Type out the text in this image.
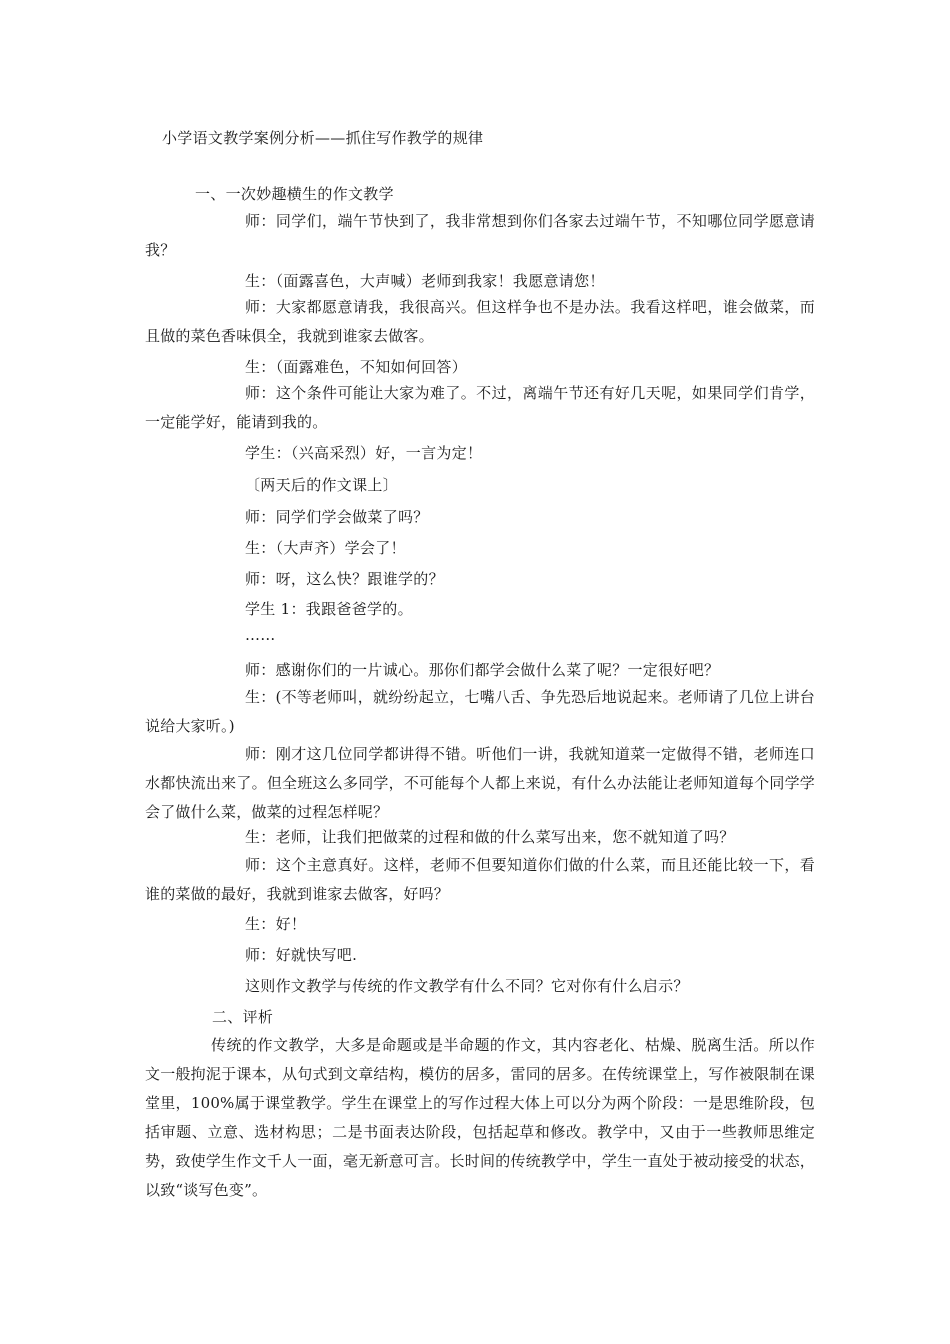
小学语文教学案例分析——抓住写作教学的规律
一、一次妙趣横生的作文教学
师：同学们，端午节快到了，我非常想到你们各家去过端午节，不知哪位同学愿意请我？
生：（面露喜色，大声喊）老师到我家！我愿意请您！
师：大家都愿意请我，我很高兴。但这样争也不是办法。我看这样吧，谁会做菜，而且做的菜色香味俱全，我就到谁家去做客。
生：（面露难色，不知如何回答）
师：这个条件可能让大家为难了。不过，离端午节还有好几天呢，如果同学们肯学，一定能学好，能请到我的。
学生：（兴高采烈）好，一言为定！
〔两天后的作文课上〕
师：同学们学会做菜了吗？
生：（大声齐）学会了！
师：呀，这么快？跟谁学的？
学生 1：我跟爸爸学的。
……
师：感谢你们的一片诚心。那你们都学会做什么菜了呢？一定很好吧？
生：(不等老师叫，就纷纷起立，七嘴八舌、争先恐后地说起来。老师请了几位上讲台说给大家听。)
师：刚才这几位同学都讲得不错。听他们一讲，我就知道菜一定做得不错，老师连口水都快流出来了。但全班这么多同学，不可能每个人都上来说，有什么办法能让老师知道每个同学学会了做什么菜，做菜的过程怎样呢？
生：老师，让我们把做菜的过程和做的什么菜写出来，您不就知道了吗？
师：这个主意真好。这样，老师不但要知道你们做的什么菜，而且还能比较一下，看谁的菜做的最好，我就到谁家去做客，好吗？
生：好！
师：好就快写吧.
这则作文教学与传统的作文教学有什么不同？它对你有什么启示？
二、评析
传统的作文教学，大多是命题或是半命题的作文，其内容老化、枯燥、脱离生活。所以作文一般拘泥于课本，从句式到文章结构，模仿的居多，雷同的居多。在传统课堂上，写作被限制在课堂里，100%属于课堂教学。学生在课堂上的写作过程大体上可以分为两个阶段：一是思维阶段，包括审题、立意、选材构思；二是书面表达阶段，包括起草和修改。教学中，又由于一些教师思维定势，致使学生作文千人一面，毫无新意可言。长时间的传统教学中，学生一直处于被动接受的状态，以致“谈写色变”。
